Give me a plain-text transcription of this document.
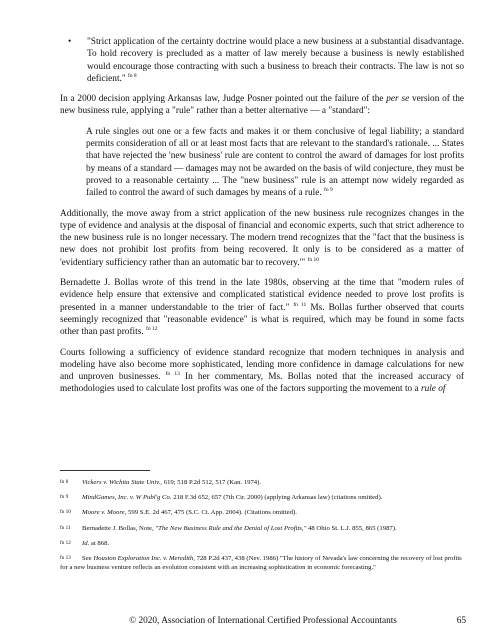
• "Strict application of the certainty doctrine would place a new business at a substantial disadvantage. To hold recovery is precluded as a matter of law merely because a business is newly established would encourage those contracting with such a business to breach their contracts. The law is not so deficient." $^{fn 8}$

In a 2000 decision applying Arkansas law, Judge Posner pointed out the failure of the per se version of the new business rule, applying a "rule" rather than a better alternative — a "standard":

A rule singles out one or a few facts and makes it or them conclusive of legal liability; a standard permits consideration of all or at least most facts that are relevant to the standard's rationale. ... States that have rejected the 'new business' rule are content to control the award of damages for lost profits by means of a standard — damages may not be awarded on the basis of wild conjecture, they must be proved to a reasonable certainty ... The "new business" rule is an attempt now widely regarded as failed to control the award of such damages by means of a rule. $^{fn 9}$

Additionally, the move away from a strict application of the new business rule recognizes changes in the type of evidence and analysis at the disposal of financial and economic experts, such that strict adherence to the new business rule is no longer necessary. The modern trend recognizes that the "fact that the business is new does not prohibit lost profits from being recovered. It only is to be considered as a matter of 'evidentiary sufficiency rather than an automatic bar to recovery.'" $^{fn 10}$

Bernadette J. Bollas wrote of this trend in the late 1980s, observing at the time that "modern rules of evidence help ensure that extensive and complicated statistical evidence needed to prove lost profits is presented in a manner understandable to the trier of fact." $^{fn 11}$ Ms. Bollas further observed that courts seemingly recognized that "reasonable evidence" is what is required, which may be found in some facts other than past profits. $^{fn 12}$

Courts following a sufficiency of evidence standard recognize that modern techniques in analysis and modeling have also become more sophisticated, lending more confidence in damage calculations for new and unproven businesses. $^{fn 13}$ In her commentary, Ms. Bollas noted that the increased accuracy of methodologies used to calculate lost profits was one of the factors supporting the movement to a rule of

fn 8 Vickers v. Wichita State Univ., 619; 518 P.2d 512, 517 (Kan. 1974).
fn 9 MindGames, Inc. v. W Publ'g Co. 218 F.3d 652, 657 (7th Cir. 2000) (applying Arkansas law) (citations omitted).
fn 10 Moore v. Moore, 599 S.E. 2d 467, 475 (S.C. Ct. App. 2004). (Citations omitted).
fn 11 Bernadette J. Bollas, Note, "The New Business Rule and the Denial of Lost Profits," 48 Ohio St. L.J. 855, 865 (1987).
fn 12 Id. at 868.
fn 13 See Houston Exploration Inc. v. Meredith, 728 P.2d 437, 438 (Nev. 1986) "The history of Nevada's law concerning the recovery of lost profits for a new business venture reflects an evolution consistent with an increasing sophistication in economic forecasting."
© 2020, Association of International Certified Professional Accountants	65
